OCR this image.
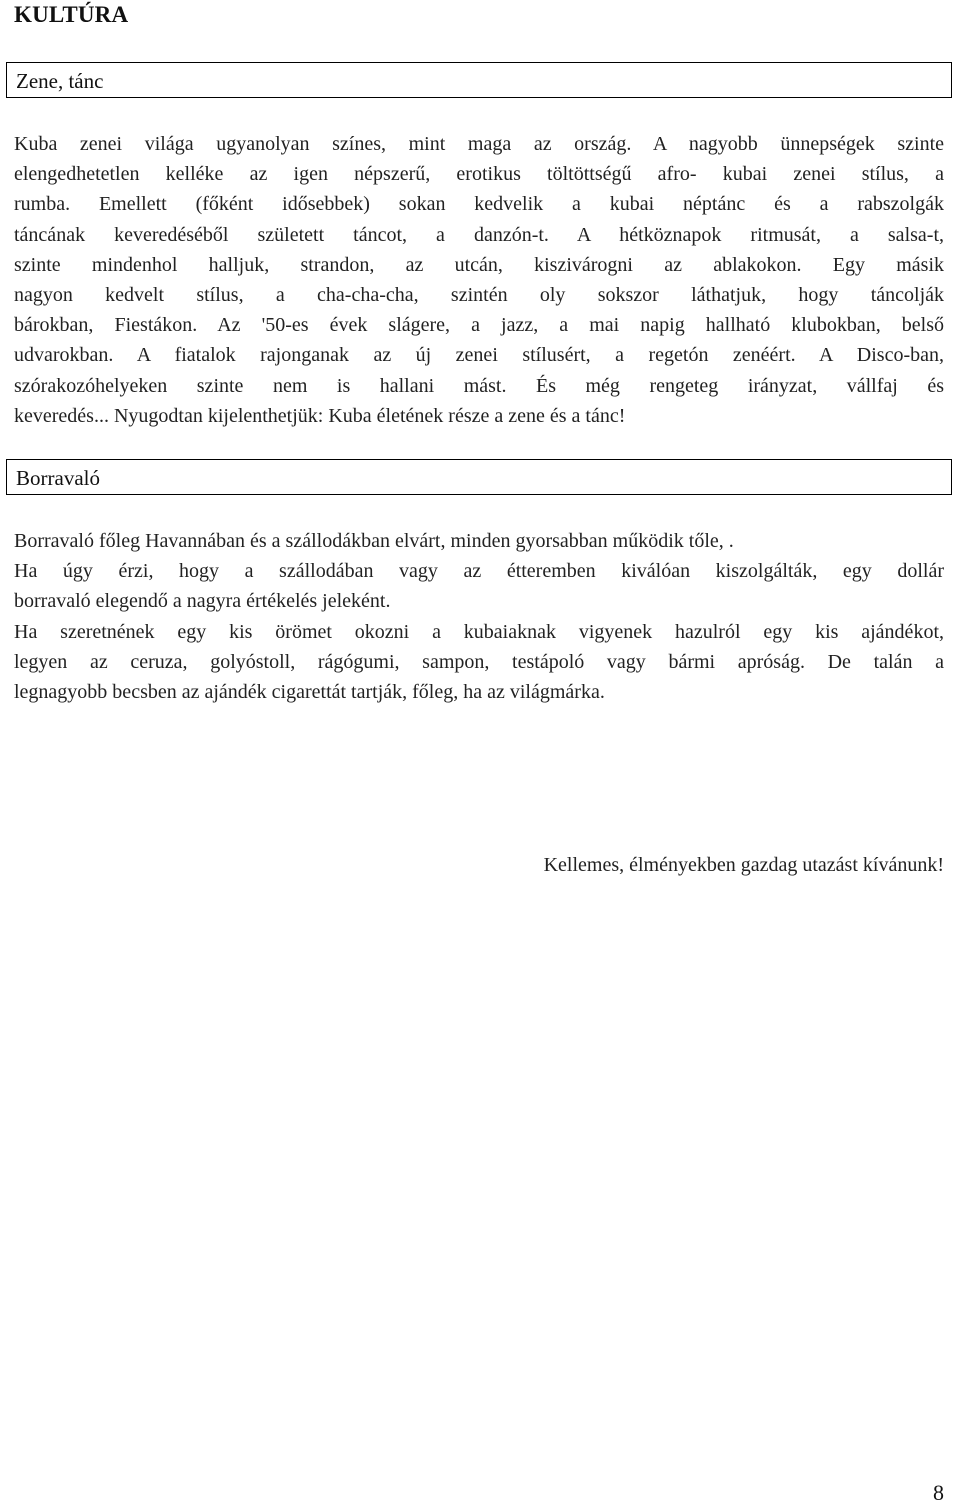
KULTÚRA
Zene, tánc

Kuba zenei világa ugyanolyan színes, mint maga az ország. A nagyobb ünnepségek szinte
elengedhetetlen kelléke az igen népszerű, erotikus töltöttségű afro- kubai zenei stílus, a
rumba. Emellett (főként idősebbek) sokan kedvelik a kubai néptánc és a rabszolgák
táncának keveredéséből született táncot, a danzón-t. A hétköznapok ritmusát, a salsa-t,
szinte mindenhol halljuk, strandon, az utcán, kiszivárogni az ablakokon. Egy másik
nagyon kedvelt stílus, a cha-cha-cha, szintén oly sokszor láthatjuk, hogy táncolják
bárokban, Fiestákon. Az '50-es évek slágere, a jazz, a mai napig hallható klubokban, belső
udvarokban. A fiatalok rajonganak az új zenei stílusért, a regetón zenéért. A Disco-ban,
szórakozóhelyeken szinte nem is hallani mást. És még rengeteg irányzat, vállfaj és
keveredés... Nyugodtan kijelenthetjük: Kuba életének része a zene és a tánc!

Borravaló

Borravaló főleg Havannában és a szállodákban elvárt, minden gyorsabban működik tőle, .
Ha úgy érzi, hogy a szállodában vagy az étteremben kiválóan kiszolgálták, egy dollár
borravaló elegendő a nagyra értékelés jeleként.
Ha szeretnének egy kis örömet okozni a kubaiaknak vigyenek hazulról egy kis ajándékot,
legyen az ceruza, golyóstoll, rágógumi, sampon, testápoló vagy bármi apróság. De talán a
legnagyobb becsben az ajándék cigarettát tartják, főleg, ha az világmárka.

Kellemes, élményekben gazdag utazást kívánunk!

8
